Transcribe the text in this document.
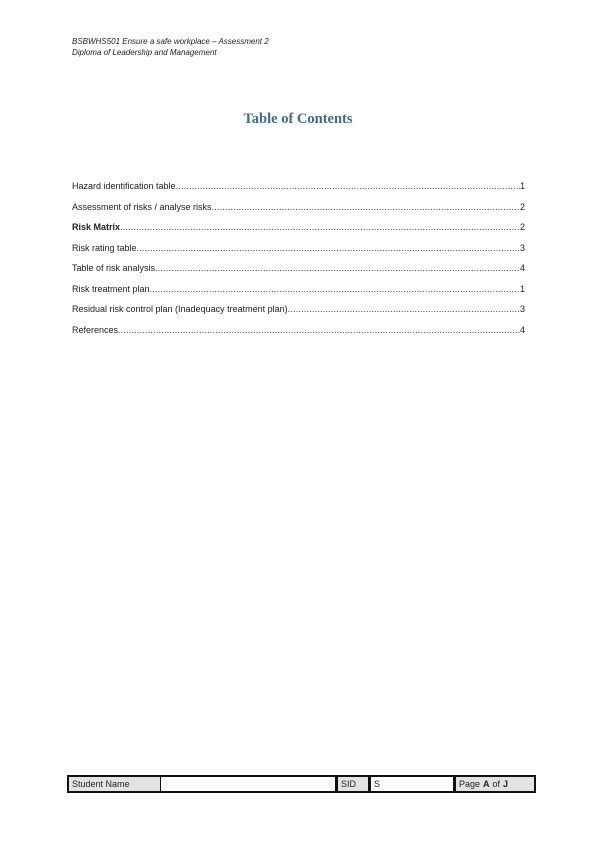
BSBWHS501 Ensure a safe workplace – Assessment 2
Diploma of Leadership and Management
Table of Contents
Hazard identification table .....	1
Assessment of risks / analyse risks .....	2
Risk Matrix .....	2
Risk rating table .....	3
Table of risk analysis .....	4
Risk treatment plan .....	1
Residual risk control plan (Inadequacy treatment plan) .....	3
References .....	4
Student Name	SID	S	Page A of J
